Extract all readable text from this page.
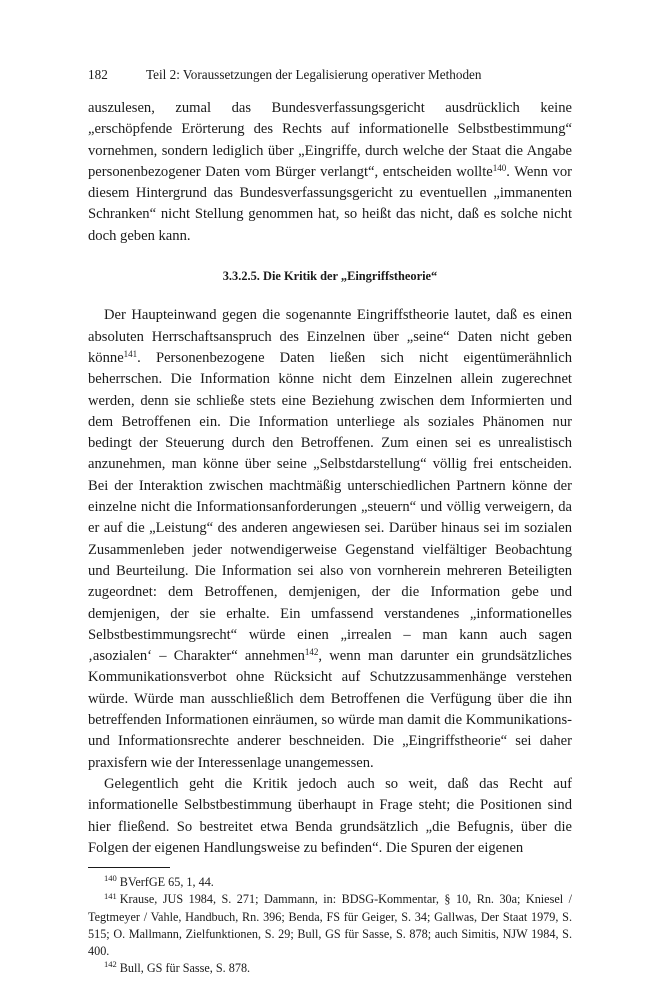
182	Teil 2: Voraussetzungen der Legalisierung operativer Methoden

auszulesen, zumal das Bundesverfassungsgericht ausdrücklich keine „erschöpfende Erörterung des Rechts auf informationelle Selbstbestimmung“ vornehmen, sondern lediglich über „Eingriffe, durch welche der Staat die Angabe personenbezogener Daten vom Bürger verlangt“, entscheiden wollte$^{140}$. Wenn vor diesem Hintergrund das Bundesverfassungsgericht zu eventuellen „immanenten Schranken“ nicht Stellung genommen hat, so heißt das nicht, daß es solche nicht doch geben kann.

3.3.2.5. Die Kritik der „Eingriffstheorie“

Der Haupteinwand gegen die sogenannte Eingriffstheorie lautet, daß es einen absoluten Herrschaftsanspruch des Einzelnen über „seine“ Daten nicht geben könne$^{141}$. Personenbezogene Daten ließen sich nicht eigentümerähnlich beherrschen. Die Information könne nicht dem Einzelnen allein zugerechnet werden, denn sie schließe stets eine Beziehung zwischen dem Informierten und dem Betroffenen ein. Die Information unterliege als soziales Phänomen nur bedingt der Steuerung durch den Betroffenen. Zum einen sei es unrealistisch anzunehmen, man könne über seine „Selbstdarstellung“ völlig frei entscheiden. Bei der Interaktion zwischen machtmäßig unterschiedlichen Partnern könne der einzelne nicht die Informationsanforderungen „steuern“ und völlig verweigern, da er auf die „Leistung“ des anderen angewiesen sei. Darüber hinaus sei im sozialen Zusammenleben jeder notwendigerweise Gegenstand vielfältiger Beobachtung und Beurteilung. Die Information sei also von vornherein mehreren Beteiligten zugeordnet: dem Betroffenen, demjenigen, der die Information gebe und demjenigen, der sie erhalte. Ein umfassend verstandenes „informationelles Selbstbestimmungsrecht“ würde einen „irrealen – man kann auch sagen ‚asozialen‘ – Charakter“ annehmen$^{142}$, wenn man darunter ein grundsätzliches Kommunikationsverbot ohne Rücksicht auf Schutzzusammenhänge verstehen würde. Würde man ausschließlich dem Betroffenen die Verfügung über die ihn betreffenden Informationen einräumen, so würde man damit die Kommunikations- und Informationsrechte anderer beschneiden. Die „Eingriffstheorie“ sei daher praxisfern wie der Interessenlage unangemessen.

Gelegentlich geht die Kritik jedoch auch so weit, daß das Recht auf informationelle Selbstbestimmung überhaupt in Frage steht; die Positionen sind hier fließend. So bestreitet etwa Benda grundsätzlich „die Befugnis, über die Folgen der eigenen Handlungsweise zu befinden“. Die Spuren der eigenen

$^{140}$ BVerfGE 65, 1, 44.

$^{141}$ Krause, JUS 1984, S. 271; Dammann, in: BDSG-Kommentar, § 10, Rn. 30a; Kniesel / Tegtmeyer / Vahle, Handbuch, Rn. 396; Benda, FS für Geiger, S. 34; Gallwas, Der Staat 1979, S. 515; O. Mallmann, Zielfunktionen, S. 29; Bull, GS für Sasse, S. 878; auch Simitis, NJW 1984, S. 400.

$^{142}$ Bull, GS für Sasse, S. 878.
